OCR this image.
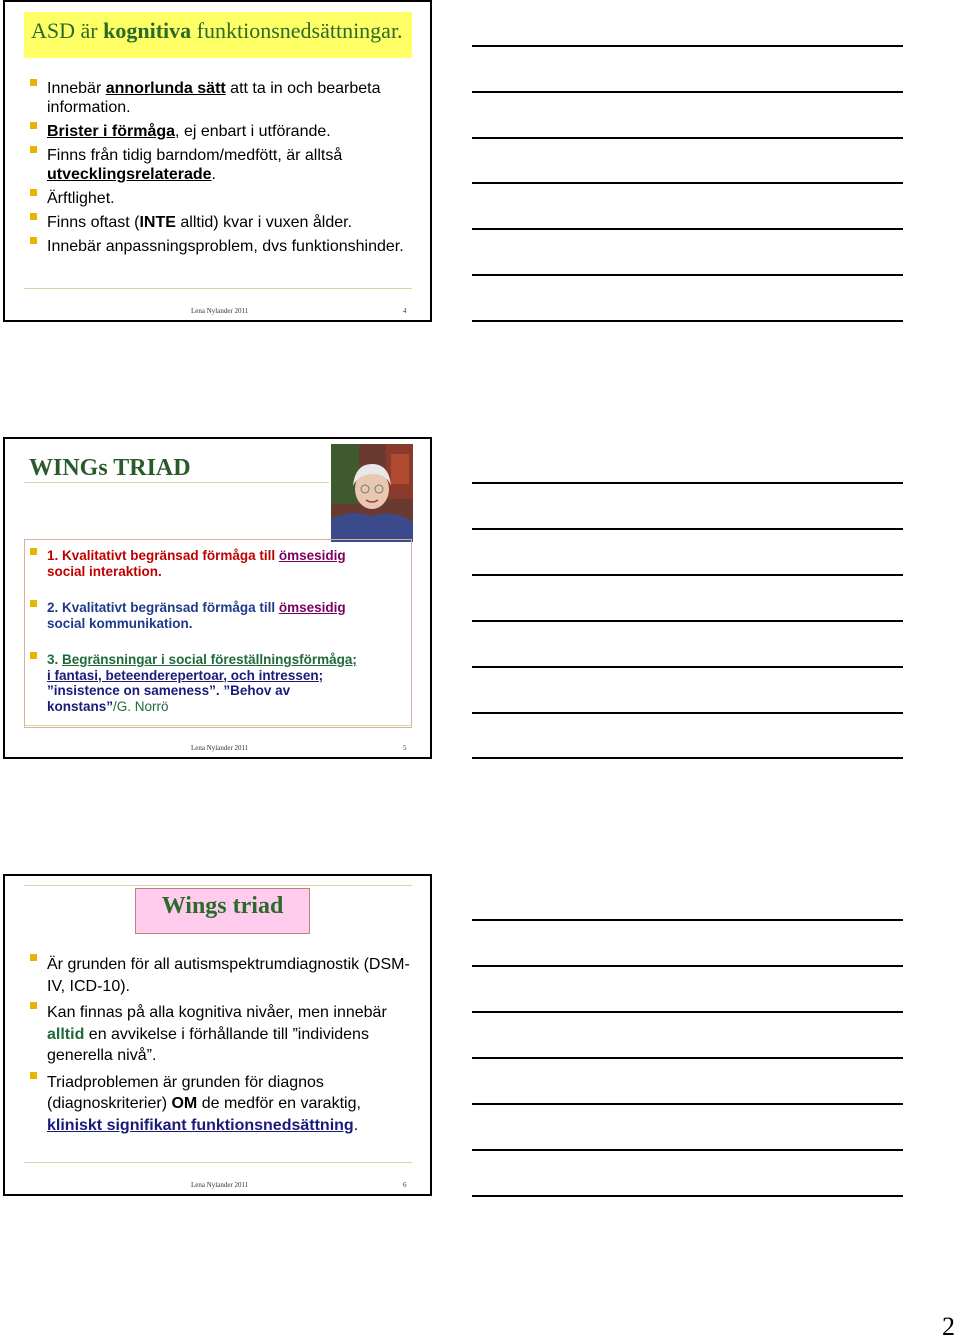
ASD är kognitiva funktionsnedsättningar.
Innebär annorlunda sätt att ta in och bearbeta information.
Brister i förmåga, ej enbart i utförande.
Finns från tidig barndom/medfött, är alltså utvecklingsrelaterade.
Ärftlighet.
Finns oftast (INTE alltid) kvar i vuxen ålder.
Innebär anpassningsproblem, dvs funktionshinder.
Lena Nylander 2011	4
WINGs TRIAD
1. Kvalitativt begränsad förmåga till ömsesidig
social interaktion.
2. Kvalitativt begränsad förmåga till ömsesidig
social kommunikation.
3. Begränsningar i social föreställningsförmåga;
i fantasi, beteenderepertoar, och intressen;
”insistence on sameness”. ”Behov av
konstans”/G. Norrö
Lena Nylander 2011	5
Wings triad
Är grunden för all autismspektrumdiagnostik (DSM-IV, ICD-10).
Kan finnas på alla kognitiva nivåer, men innebär alltid en avvikelse i förhållande till ”individens generella nivå”.
Triadproblemen är grunden för diagnos (diagnoskriterier) OM de medför en varaktig, kliniskt signifikant funktionsnedsättning.
Lena Nylander 2011	6
2
